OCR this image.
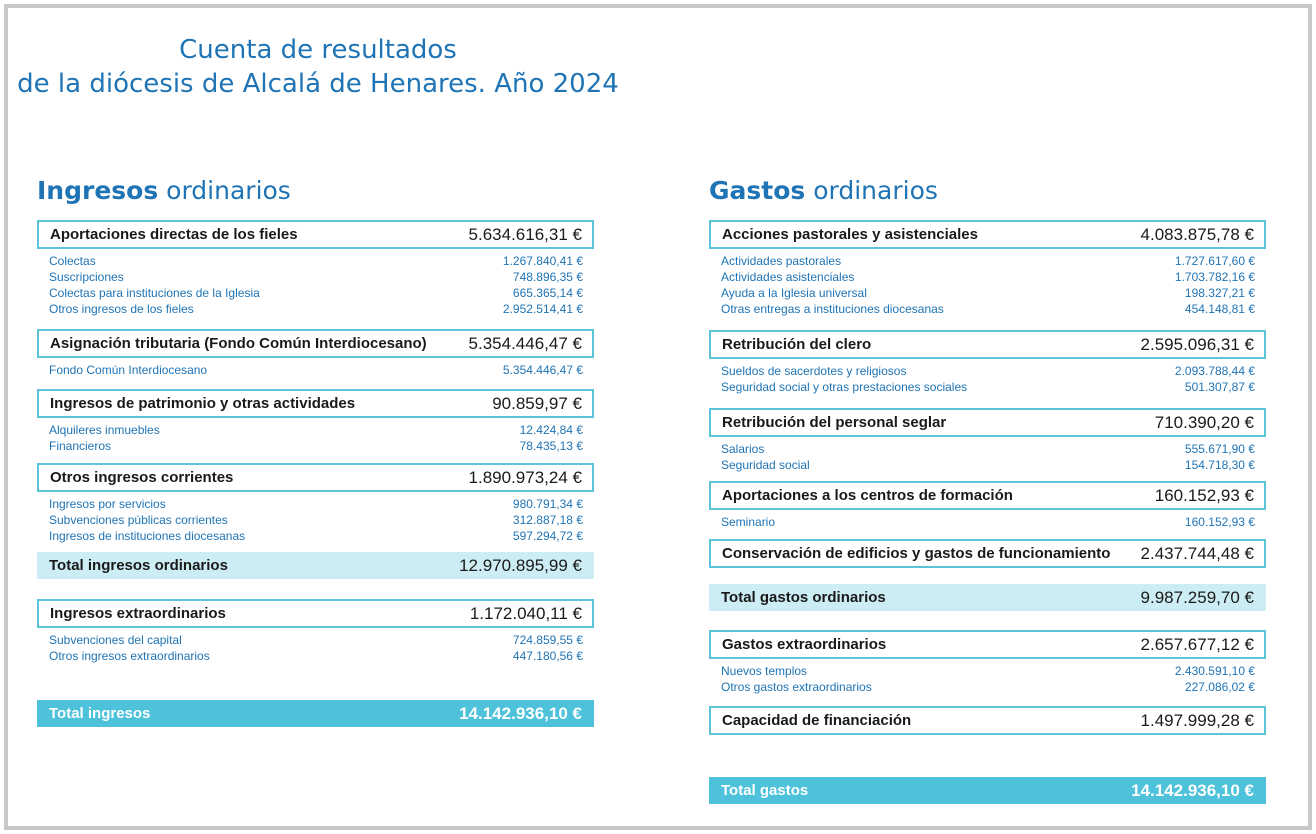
Cuenta de resultados
de la diócesis de Alcalá de Henares. Año 2024
Ingresos ordinarios
Aportaciones directas de los fieles	5.634.616,31 €
Colectas	1.267.840,41 €
Suscripciones	748.896,35 €
Colectas para instituciones de la Iglesia	665.365,14 €
Otros ingresos de los fieles	2.952.514,41 €
Asignación tributaria (Fondo Común Interdiocesano) 5.354.446,47 €
Fondo Común Interdiocesano	5.354.446,47 €
Ingresos de patrimonio y otras actividades	90.859,97 €
Alquileres inmuebles	12.424,84 €
Financieros	78.435,13 €
Otros ingresos corrientes	1.890.973,24 €
Ingresos por servicios	980.791,34 €
Subvenciones públicas corrientes	312.887,18 €
Ingresos de instituciones diocesanas	597.294,72 €
Total ingresos ordinarios	12.970.895,99 €
Ingresos extraordinarios	1.172.040,11 €
Subvenciones del capital	724.859,55 €
Otros ingresos extraordinarios	447.180,56 €
Total ingresos	14.142.936,10 €
Gastos ordinarios
Acciones pastorales y asistenciales	4.083.875,78 €
Actividades pastorales	1.727.617,60 €
Actividades asistenciales	1.703.782,16 €
Ayuda a la Iglesia universal	198.327,21 €
Otras entregas a instituciones diocesanas	454.148,81 €
Retribución del clero	2.595.096,31 €
Sueldos de sacerdotes y religiosos	2.093.788,44 €
Seguridad social y otras prestaciones sociales	501.307,87 €
Retribución del personal seglar	710.390,20 €
Salarios	555.671,90 €
Seguridad social	154.718,30 €
Aportaciones a los centros de formación	160.152,93 €
Seminario	160.152,93 €
Conservación de edificios y gastos de funcionamiento 2.437.744,48 €
Total gastos ordinarios	9.987.259,70 €
Gastos extraordinarios	2.657.677,12 €
Nuevos templos	2.430.591,10 €
Otros gastos extraordinarios	227.086,02 €
Capacidad de financiación	1.497.999,28 €
Total gastos	14.142.936,10 €
